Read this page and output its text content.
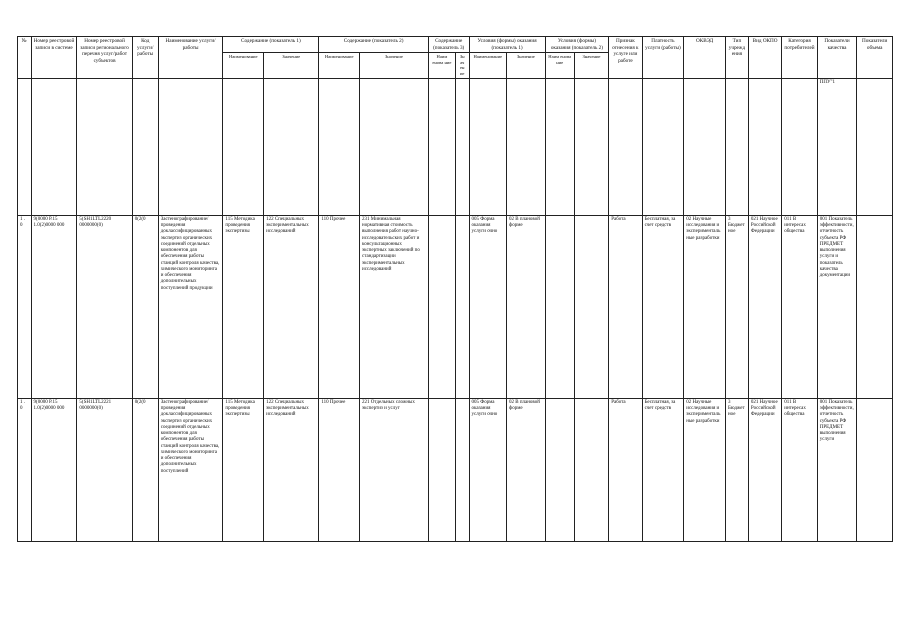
№	Номер реестровой записи в системе	Номер реестровой записи регионального перечня услуг/работ субъектов	Код услуги/работы	Наименование услуги/работы	Содержание (показатель 1)		Содержание (показатель 2)		Содержание (показатель 3)		Условия (формы) оказания (показатель 1)		Условия (формы) оказания (показатель 2)		Признак отнесения к услуге или работе	Платность услуги (работы)	ОКВЭД	Тип учреждения	Вид ОКПО	Категория потребителей	Показатели качества	Показатели объема
					Наименование	Значение	Наименование	Значение	Наим енова ние	Зн ач ен ие	Наименование	Значение	Наим енова ние	Значение								
																					ППУ"1	
1 . 0	9(0000 P.15 1.0(2)0000 000	5(SH1LTL2220 0000000(0)	0(2(0	Застенографирование/проведения доклассифицированных экспертиз органических соединений отдельных компонентов для обеспечения работы станций контроля качества, химического мониторинга и обеспечения дополнительных поступлений продукции	115 Методика проведения экспертизы	122 Специальных экспериментальных исследований	110 Прочее	231 Минимальная нормативная стоимость выполнения работ научно-исследовательских работ и консультационных экспертных заключений по стандартизации экспериментальных исследований			005 Форма оказания услуги очно	02 В плановой форме			Работа	Бесплатная, за счет средств	02 Научные исследования и экспериментальные разработки	3 Бюджетное	021 Научное Российской Федерации	011 В интересах общества	001 Показатель эффективности, отчетность субъекта РФ ПРЕДМЕТ выполнения услуги и показатель качества документации	
1 . 0	9(0000 P.15 1.0(2)0000 000	5(SH1LTL2221 0000000(0)	0(2(0	Застенографирование/проведения доклассифицированных экспертиз органических соединений отдельных компонентов для обеспечения работы станций контроля качества, химического мониторинга и обеспечения дополнительных поступлений	115 Методика проведения экспертизы	122 Специальных экспериментальных исследований	110 Прочее	221 Отдельных сложных экспертиз и услуг			005 Форма оказания услуги очно	02 В плановой форме			Работа	Бесплатная, за счет средств	02 Научные исследования и экспериментальные разработки	3 Бюджетное	021 Научное Российской Федерации	011 В интересах общества	001 Показатель эффективности, отчетность субъекта РФ ПРЕДМЕТ выполнения услуги	
